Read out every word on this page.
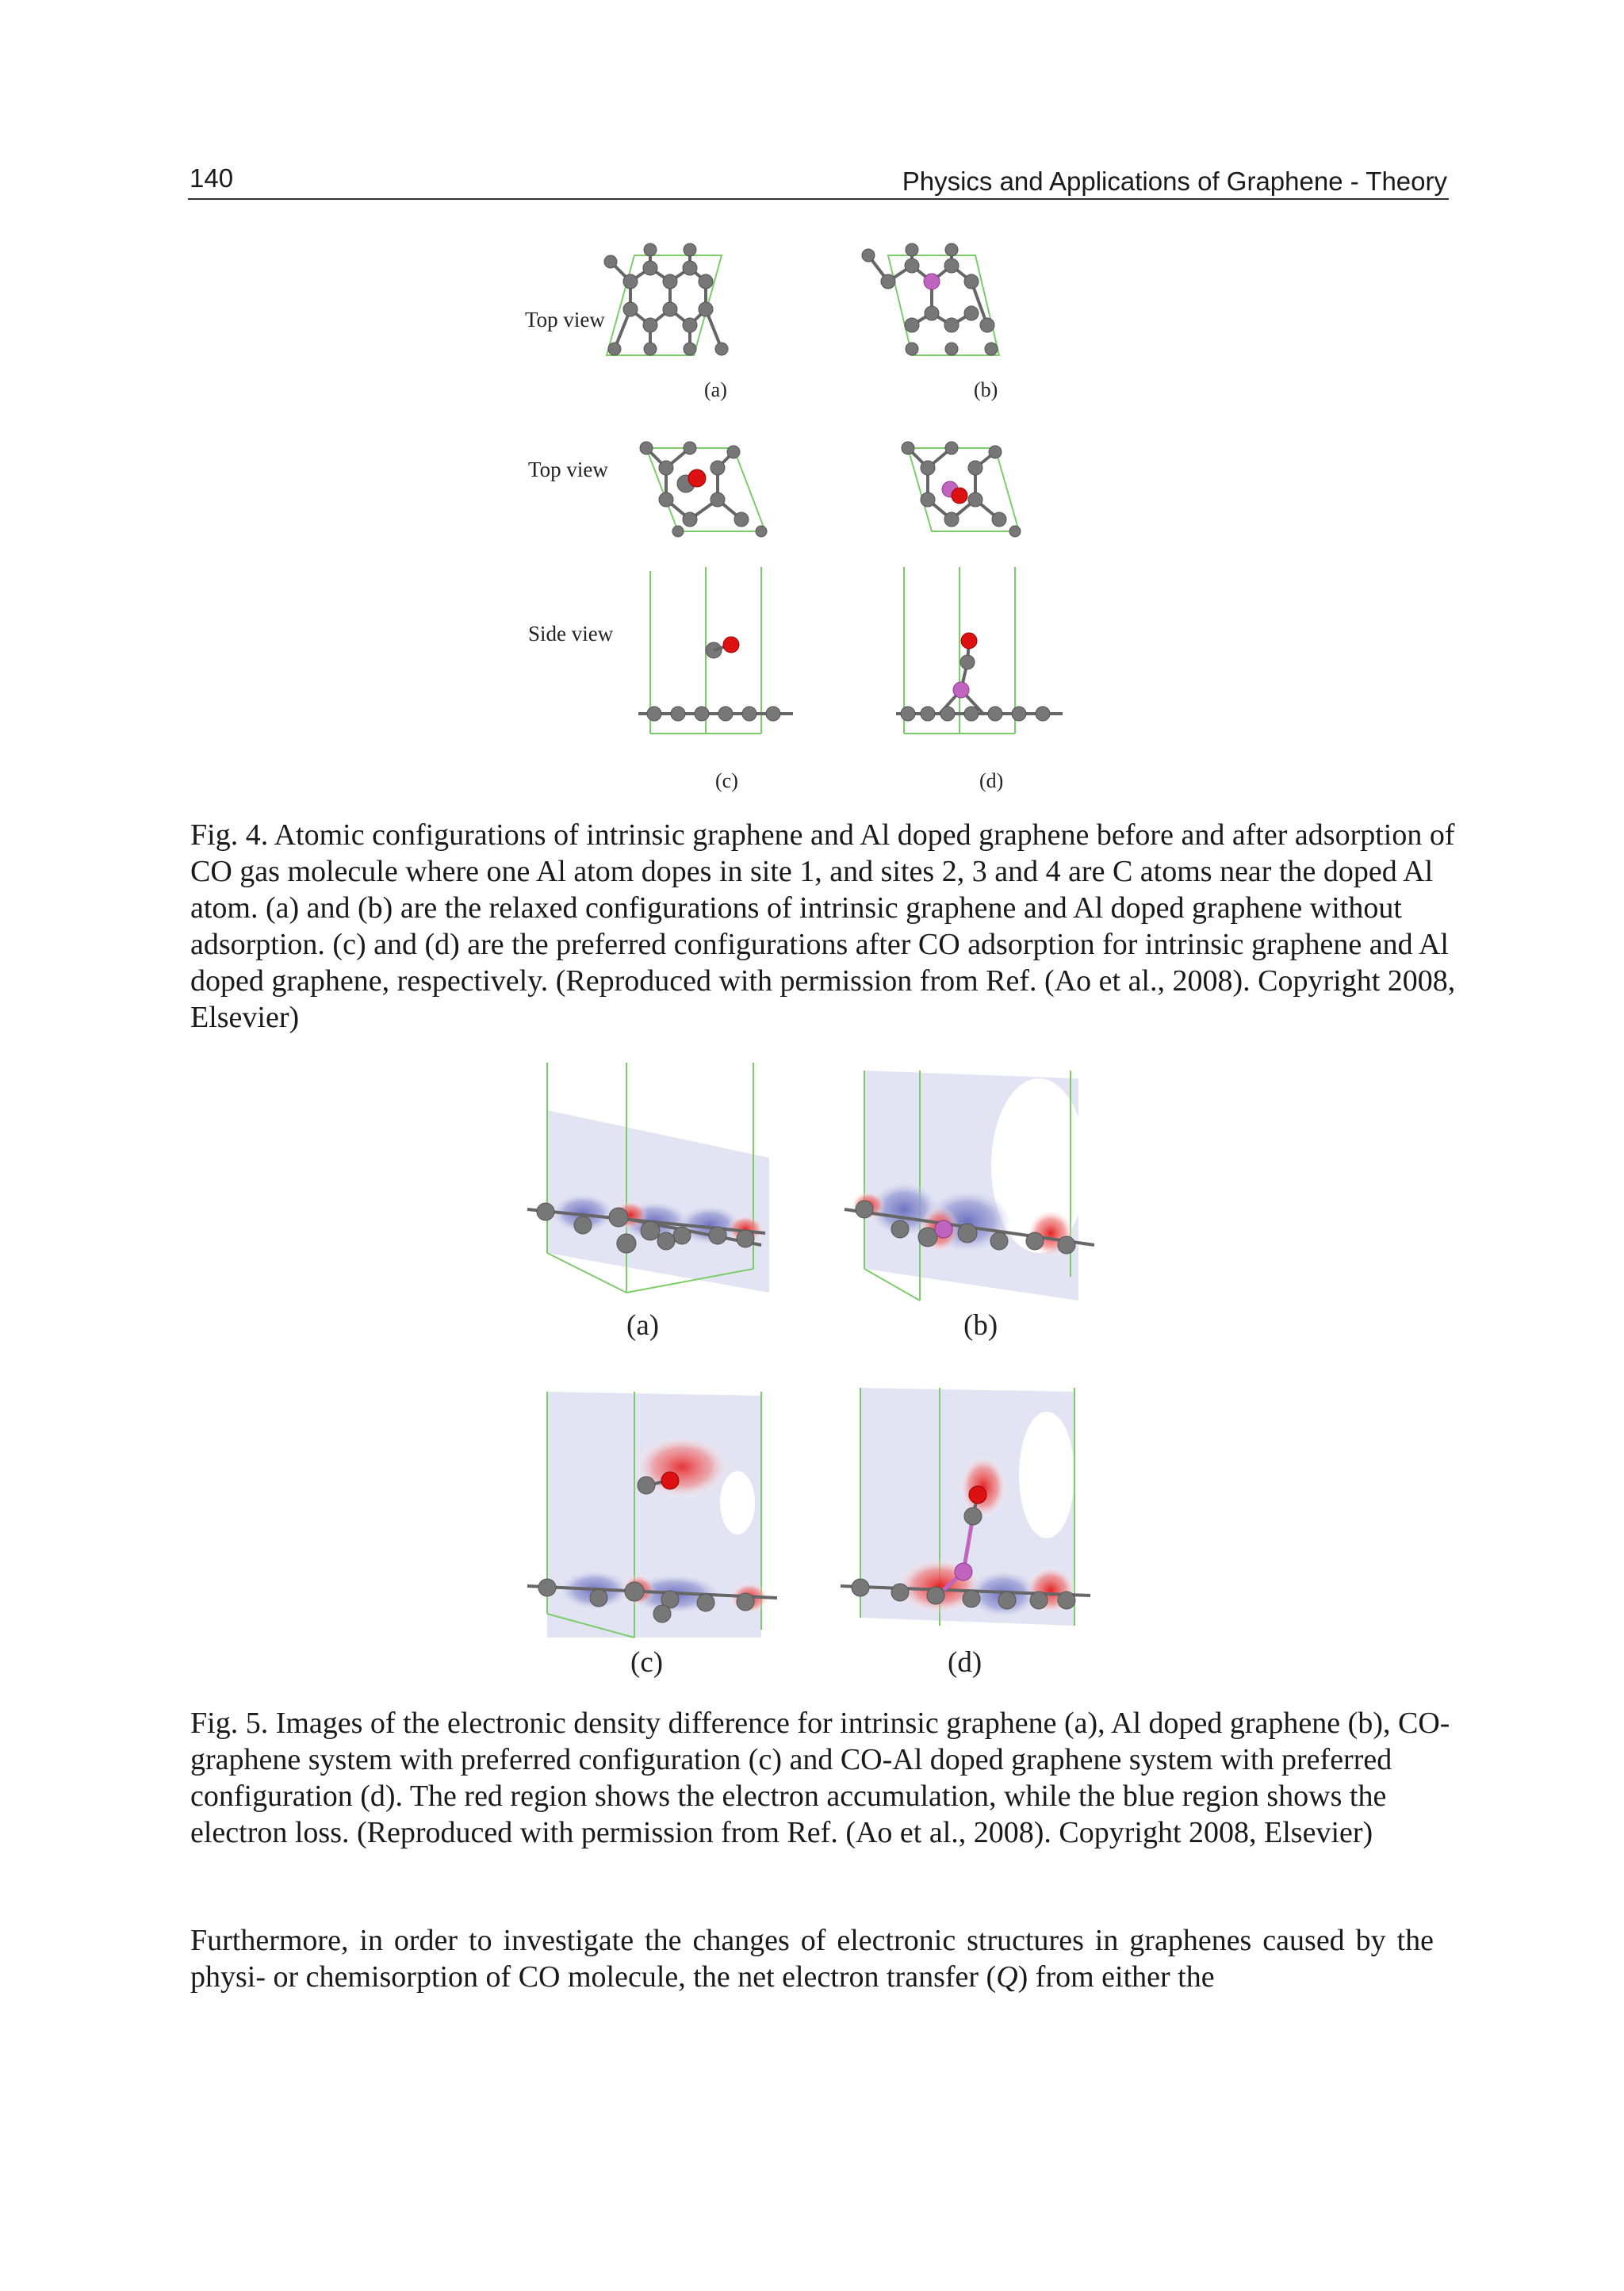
140	Physics and Applications of Graphene - Theory
Top view
Top view
Side view
(a)	(b)
(c)	(d)

Fig. 4. Atomic configurations of intrinsic graphene and Al doped graphene before and after adsorption of CO gas molecule where one Al atom dopes in site 1, and sites 2, 3 and 4 are C atoms near the doped Al atom. (a) and (b) are the relaxed configurations of intrinsic graphene and Al doped graphene without adsorption. (c) and (d) are the preferred configurations after CO adsorption for intrinsic graphene and Al doped graphene, respectively. (Reproduced with permission from Ref. (Ao et al., 2008). Copyright 2008, Elsevier)

(a)	(b)
(c)	(d)

Fig. 5. Images of the electronic density difference for intrinsic graphene (a), Al doped graphene (b), CO-graphene system with preferred configuration (c) and CO-Al doped graphene system with preferred configuration (d). The red region shows the electron accumulation, while the blue region shows the electron loss. (Reproduced with permission from Ref. (Ao et al., 2008). Copyright 2008, Elsevier)

Furthermore, in order to investigate the changes of electronic structures in graphenes caused by the physi- or chemisorption of CO molecule, the net electron transfer (Q) from either the
